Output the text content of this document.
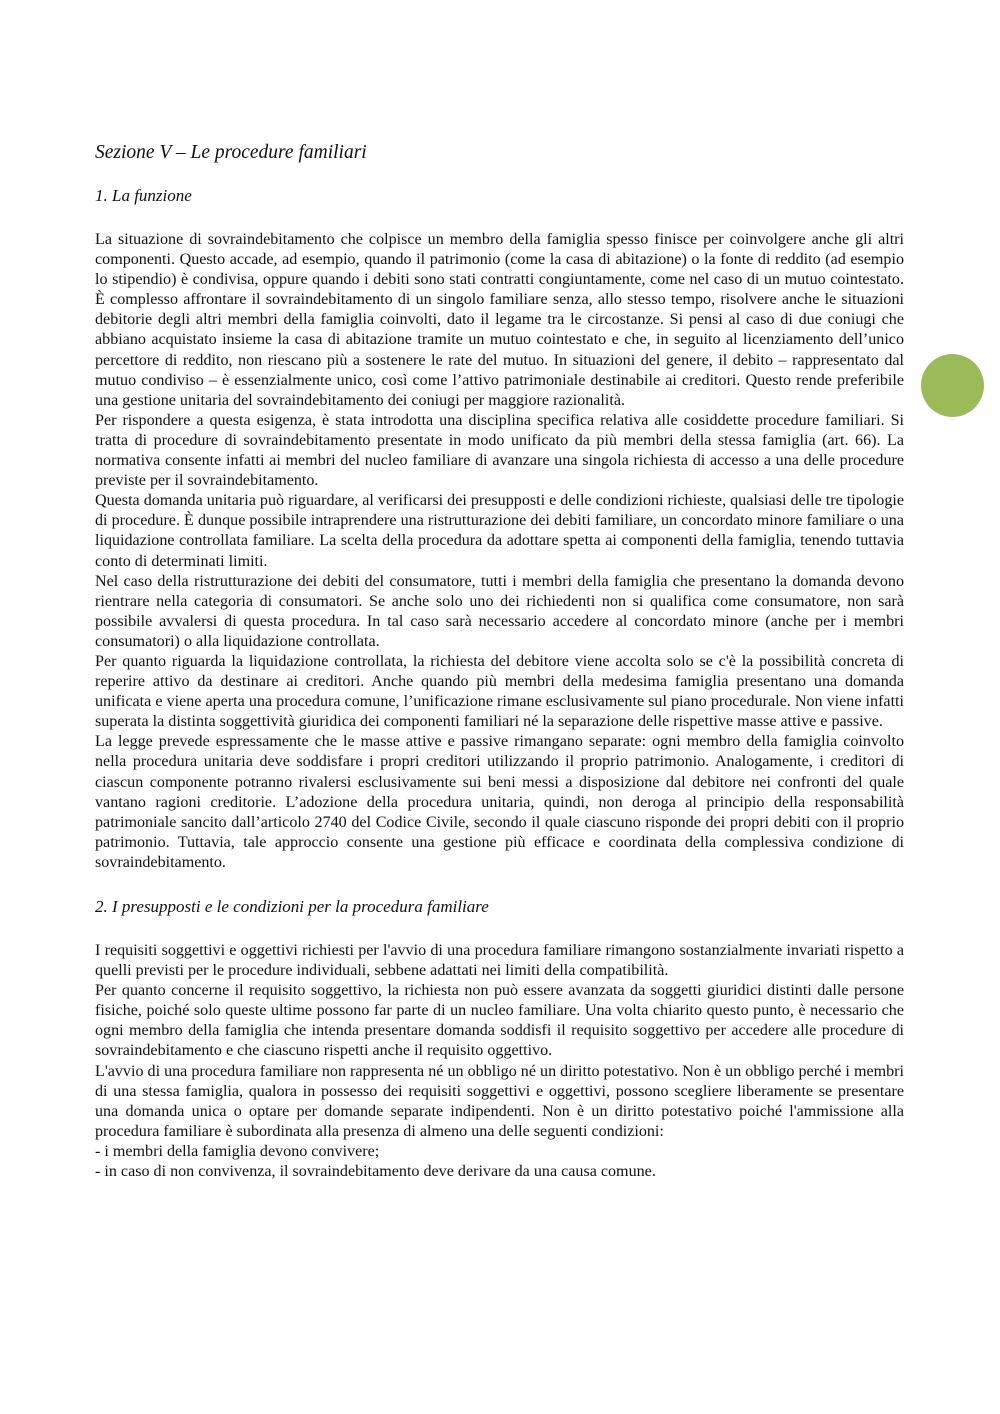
Sezione V – Le procedure familiari
1. La funzione

La situazione di sovraindebitamento che colpisce un membro della famiglia spesso finisce per coinvolgere anche gli altri componenti. Questo accade, ad esempio, quando il patrimonio (come la casa di abitazione) o la fonte di reddito (ad esempio lo stipendio) è condivisa, oppure quando i debiti sono stati contratti congiuntamente, come nel caso di un mutuo cointestato. È complesso affrontare il sovraindebitamento di un singolo familiare senza, allo stesso tempo, risolvere anche le situazioni debitorie degli altri membri della famiglia coinvolti, dato il legame tra le circostanze. Si pensi al caso di due coniugi che abbiano acquistato insieme la casa di abitazione tramite un mutuo cointestato e che, in seguito al licenziamento dell’unico percettore di reddito, non riescano più a sostenere le rate del mutuo. In situazioni del genere, il debito – rappresentato dal mutuo condiviso – è essenzialmente unico, così come l’attivo patrimoniale destinabile ai creditori. Questo rende preferibile una gestione unitaria del sovraindebitamento dei coniugi per maggiore razionalità.

Per rispondere a questa esigenza, è stata introdotta una disciplina specifica relativa alle cosiddette procedure familiari. Si tratta di procedure di sovraindebitamento presentate in modo unificato da più membri della stessa famiglia (art. 66). La normativa consente infatti ai membri del nucleo familiare di avanzare una singola richiesta di accesso a una delle procedure previste per il sovraindebitamento.

Questa domanda unitaria può riguardare, al verificarsi dei presupposti e delle condizioni richieste, qualsiasi delle tre tipologie di procedure. È dunque possibile intraprendere una ristrutturazione dei debiti familiare, un concordato minore familiare o una liquidazione controllata familiare. La scelta della procedura da adottare spetta ai componenti della famiglia, tenendo tuttavia conto di determinati limiti.

Nel caso della ristrutturazione dei debiti del consumatore, tutti i membri della famiglia che presentano la domanda devono rientrare nella categoria di consumatori. Se anche solo uno dei richiedenti non si qualifica come consumatore, non sarà possibile avvalersi di questa procedura. In tal caso sarà necessario accedere al concordato minore (anche per i membri consumatori) o alla liquidazione controllata.

Per quanto riguarda la liquidazione controllata, la richiesta del debitore viene accolta solo se c'è la possibilità concreta di reperire attivo da destinare ai creditori. Anche quando più membri della medesima famiglia presentano una domanda unificata e viene aperta una procedura comune, l’unificazione rimane esclusivamente sul piano procedurale. Non viene infatti superata la distinta soggettività giuridica dei componenti familiari né la separazione delle rispettive masse attive e passive.

La legge prevede espressamente che le masse attive e passive rimangano separate: ogni membro della famiglia coinvolto nella procedura unitaria deve soddisfare i propri creditori utilizzando il proprio patrimonio. Analogamente, i creditori di ciascun componente potranno rivalersi esclusivamente sui beni messi a disposizione dal debitore nei confronti del quale vantano ragioni creditorie. L’adozione della procedura unitaria, quindi, non deroga al principio della responsabilità patrimoniale sancito dall’articolo 2740 del Codice Civile, secondo il quale ciascuno risponde dei propri debiti con il proprio patrimonio. Tuttavia, tale approccio consente una gestione più efficace e coordinata della complessiva condizione di sovraindebitamento.

2. I presupposti e le condizioni per la procedura familiare

I requisiti soggettivi e oggettivi richiesti per l'avvio di una procedura familiare rimangono sostanzialmente invariati rispetto a quelli previsti per le procedure individuali, sebbene adattati nei limiti della compatibilità.

Per quanto concerne il requisito soggettivo, la richiesta non può essere avanzata da soggetti giuridici distinti dalle persone fisiche, poiché solo queste ultime possono far parte di un nucleo familiare. Una volta chiarito questo punto, è necessario che ogni membro della famiglia che intenda presentare domanda soddisfi il requisito soggettivo per accedere alle procedure di sovraindebitamento e che ciascuno rispetti anche il requisito oggettivo.

L'avvio di una procedura familiare non rappresenta né un obbligo né un diritto potestativo. Non è un obbligo perché i membri di una stessa famiglia, qualora in possesso dei requisiti soggettivi e oggettivi, possono scegliere liberamente se presentare una domanda unica o optare per domande separate indipendenti. Non è un diritto potestativo poiché l'ammissione alla procedura familiare è subordinata alla presenza di almeno una delle seguenti condizioni:

- i membri della famiglia devono convivere;

- in caso di non convivenza, il sovraindebitamento deve derivare da una causa comune.
